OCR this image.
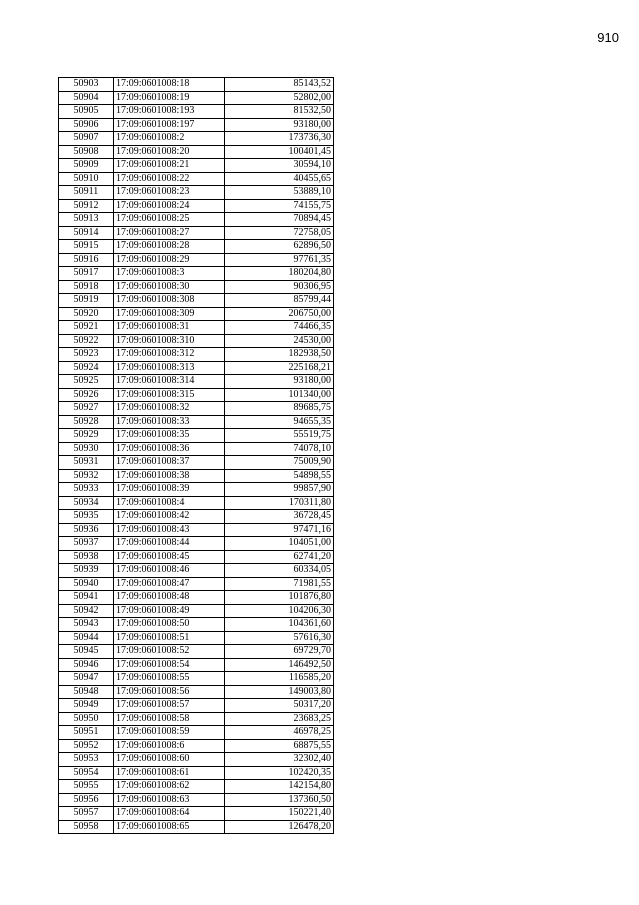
910
50903	17:09:0601008:18	85143,52
50904	17:09:0601008:19	52802,00
50905	17:09:0601008:193	81532,50
50906	17:09:0601008:197	93180,00
50907	17:09:0601008:2	173736,30
50908	17:09:0601008:20	100401,45
50909	17:09:0601008:21	30594,10
50910	17:09:0601008:22	40455,65
50911	17:09:0601008:23	53889,10
50912	17:09:0601008:24	74155,75
50913	17:09:0601008:25	70894,45
50914	17:09:0601008:27	72758,05
50915	17:09:0601008:28	62896,50
50916	17:09:0601008:29	97761,35
50917	17:09:0601008:3	180204,80
50918	17:09:0601008:30	90306,95
50919	17:09:0601008:308	85799,44
50920	17:09:0601008:309	206750,00
50921	17:09:0601008:31	74466,35
50922	17:09:0601008:310	24530,00
50923	17:09:0601008:312	182938,50
50924	17:09:0601008:313	225168,21
50925	17:09:0601008:314	93180,00
50926	17:09:0601008:315	101340,00
50927	17:09:0601008:32	89685,75
50928	17:09:0601008:33	94655,35
50929	17:09:0601008:35	55519,75
50930	17:09:0601008:36	74078,10
50931	17:09:0601008:37	75009,90
50932	17:09:0601008:38	54898,55
50933	17:09:0601008:39	99857,90
50934	17:09:0601008:4	170311,80
50935	17:09:0601008:42	36728,45
50936	17:09:0601008:43	97471,16
50937	17:09:0601008:44	104051,00
50938	17:09:0601008:45	62741,20
50939	17:09:0601008:46	60334,05
50940	17:09:0601008:47	71981,55
50941	17:09:0601008:48	101876,80
50942	17:09:0601008:49	104206,30
50943	17:09:0601008:50	104361,60
50944	17:09:0601008:51	57616,30
50945	17:09:0601008:52	69729,70
50946	17:09:0601008:54	146492,50
50947	17:09:0601008:55	116585,20
50948	17:09:0601008:56	149003,80
50949	17:09:0601008:57	50317,20
50950	17:09:0601008:58	23683,25
50951	17:09:0601008:59	46978,25
50952	17:09:0601008:6	68875,55
50953	17:09:0601008:60	32302,40
50954	17:09:0601008:61	102420,35
50955	17:09:0601008:62	142154,80
50956	17:09:0601008:63	137360,50
50957	17:09:0601008:64	150221,40
50958	17:09:0601008:65	126478,20
